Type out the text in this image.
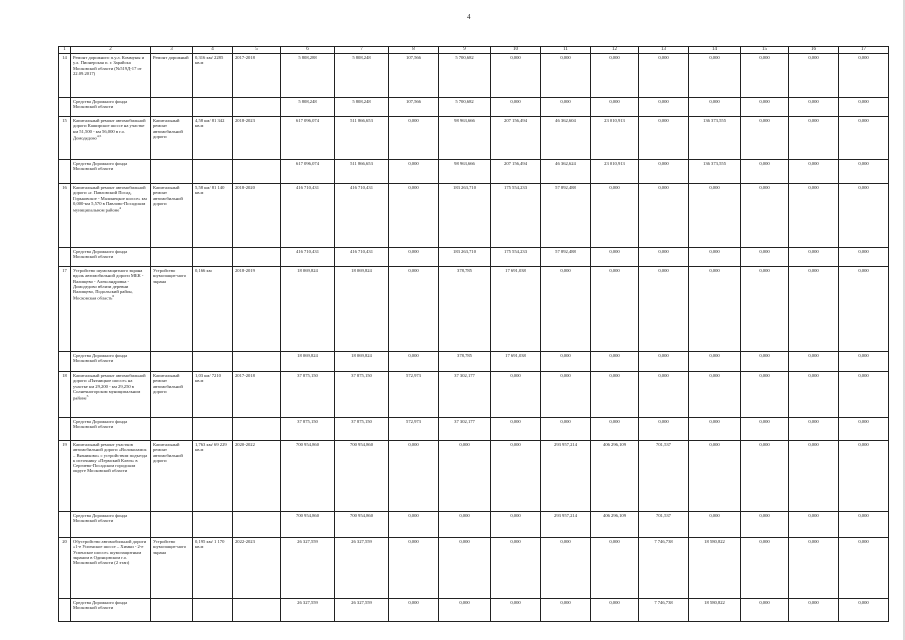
4
1	2	3	4	5	6	7	8	9	10	11	12	13	14	15	16	17
14	Ремонт дорожного п.у.л. Коммуны и у.л. Пионерская п. г. Зарайска Московской области (№519Д-17 от 22.09.2017)	Ремонт дорожный	0,316 км/ 2285 кв.м	2017-2018	5 808,288	5 808,248	107,566	5 700,682	0,000	0,000	0,000	0,000	0,000	0,000	0,000	0,000
	Средства Дорожного фонда Московской области				5 808,248	5 808,248	107,566	5 700,682	0,000	0,000	0,000	0,000	0,000	0,000	0,000	0,000
15	Капитальный ремонт автомобильной дороги Каширское шоссе на участке км 51,500 - км 56,000 в г.о. Домодедово$^{4,5}$	Капитальный ремонт автомобильной дороги	4,58 км/ 81 342 кв.м	2018-2023	617 096,074	511 866,653	0,000	98 963,666	207 156,494	46 362,604	23 010,913	0,000	136 373,555	0,000	0,000	0,000
	Средства Дорожного фонда Московской области				617 096,074	511 866,653	0,000	98 963,666	207 156,494	46 362,624	23 010,913	0,000	136 373,555	0,000	0,000	0,000
16	Капитальный ремонт автомобильной дороги «г. Павловский Посад, Горьковское - Малинецкое шоссе» км 0,000-км 5,570 в Павлово-Посадском муниципальном районе$^4$	Капитальный ремонт автомобильной дороги	5,58 км/ 81 140 кв.м	2018-2020	416 710,431	416 710,431	0,000	183 263,710	175 554,233	57 892,488	0,000	0,000	0,000	0,000	0,000	0,000
	Средства Дорожного фонда Московской области				416 710,431	416 710,431	0,000	183 263,710	175 554,233	57 892,488	0,000	0,000	0,000	0,000	0,000	0,000
17	Устройство шумозащитного экрана вдоль автомобильной дороги МБК - Валищево - Александровка - Домодедово вблизи деревни Валищево, Подольский район, Московская область$^6$	Устройство шумозащит-ного экрана	0,166 км	2018-2019	18 069,824	18 069,824	0,000	378,785	17 691,038	0,000	0,000	0,000	0,000	0,000	0,000	0,000
	Средства Дорожного фонда Московской области				18 069,824	18 069,824	0,000	378,785	17 691,038	0,000	0,000	0,000	0,000	0,000	0,000	0,000
18	Капитальный ремонт автомобильной дороги «Пятницкое шоссе» на участке км 29,200 - км 29,250 в Солнечногорском муниципальном районе$^5$	Капитальный ремонт автомобильной дороги	1,03 км/ 7210 кв.м	2017-2018	37 875,150	37 875,150	572,973	37 302,177	0,000	0,000	0,000	0,000	0,000	0,000	0,000	0,000
	Средства Дорожного фонда Московской области				37 875,150	37 875,150	572,973	37 302,177	0,000	0,000	0,000	0,000	0,000	0,000	0,000	0,000
19	Капитальный ремонт участков автомобильной дороги «Волоколамск – Вязниково» с устройством подъезда к источнику «Пермский Ключ» в Сергиево-Посадском городском округе Московской области	Капитальный ремонт автомобильной дороги	1,763 км/ 69 229 кв.м	2020-2022	700 954,860	700 954,860	0,000	0,000	0,000	293 957,214	406 296,109	701,537	0,000	0,000	0,000	0,000
	Средства Дорожного фонда Московской области				700 954,860	700 954,860	0,000	0,000	0,000	293 957,214	406 296,109	701,537	0,000	0,000	0,000	0,000
20	Обустройство автомобильной дороги «1-е Успенское шоссе – Химки - 2-е Успенское шоссе» шумозащитным экраном в Одинцовском г.о. Московской области (2 этап)	Устройство шумозащит-ного экрана	0,195 км/ 1 170 кв.м	2022-2023	26 327,559	26 327,559	0,000	0,000	0,000	0,000	0,000	7 746,738	18 580,822	0,000	0,000	0,000
	Средства Дорожного фонда Московской области				26 327,559	26 327,559	0,000	0,000	0,000	0,000	0,000	7 746,738	18 580,822	0,000	0,000	0,000
